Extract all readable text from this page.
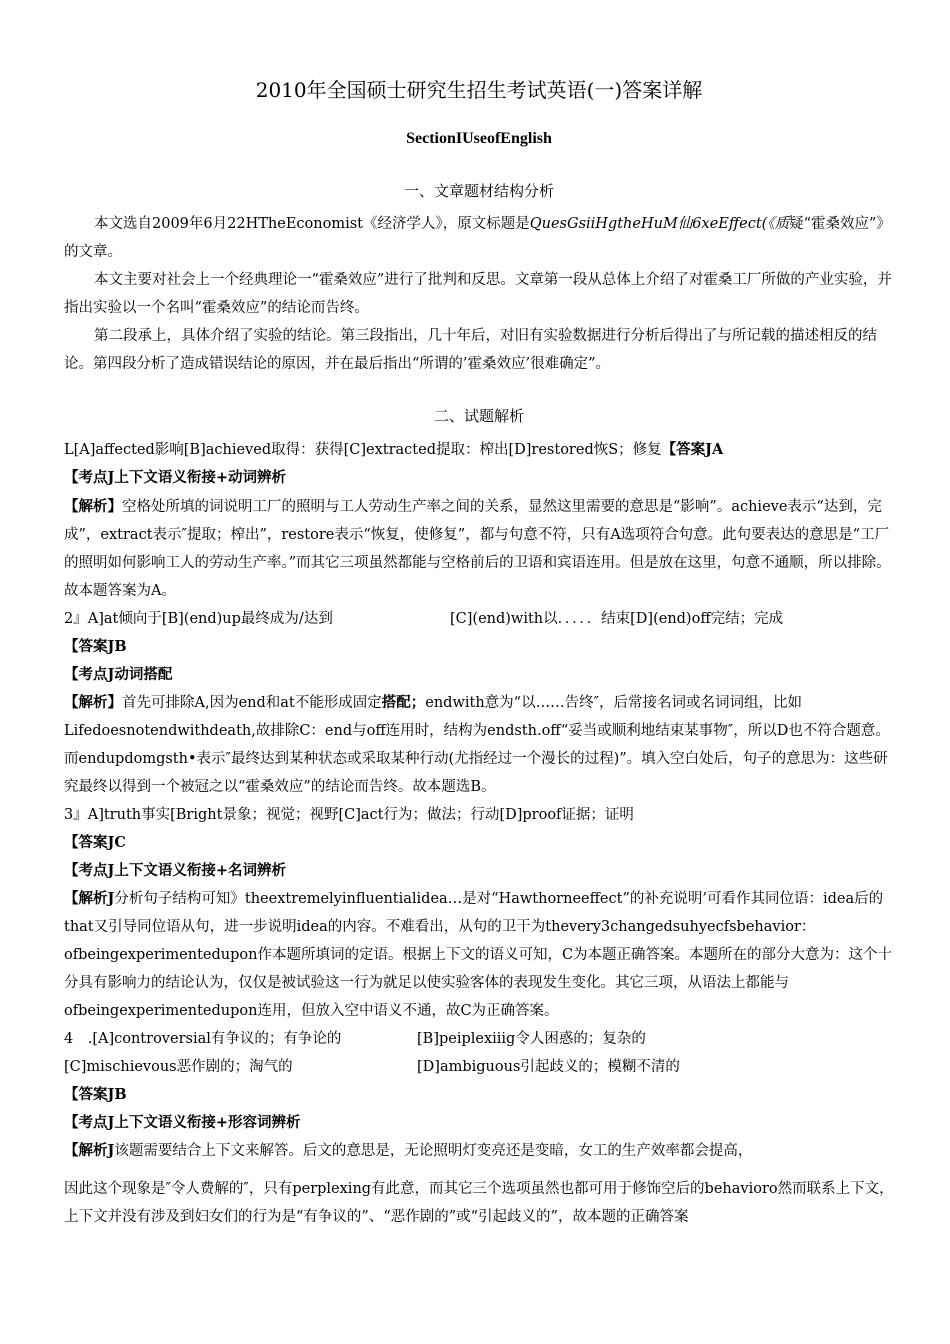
2010年全国硕士研究生招生考试英语(一)答案详解
SectionIUseofEnglish
一、文章题材结构分析
本文选自2009年6月22HTheEconomist《经济学人》，原文标题是QuesGsiiHgtheHuM仙6xeEffect(《质疑“霍桑效应”》的文章。
本文主要对社会上一个经典理论一“霍桑效应”进行了批判和反思。文章第一段从总体上介绍了对霍桑工厂所做的产业实验，并指出实验以一个名叫“霍桑效应”的结论而告终。
第二段承上，具体介绍了实验的结论。第三段指出，几十年后，对旧有实验数据进行分析后得出了与所记载的描述相反的结论。第四段分析了造成错误结论的原因，并在最后指出“所谓的’霍桑效应’很难确定”。
二、试题解析
L[A]affected影响[B]achieved取得：获得[C]extracted提取：榨出[D]restored恢S；修复【答案JA
【考点J上下文语义衔接+动词辨析
【解析】空格处所填的词说明工厂的照明与工人劳动生产率之间的关系，显然这里需要的意思是“影响”。achieve表示“达到，完成”，extract表示″提取；榨出”，restore表示“恢复，使修复”，都与句意不符，只有A选项符合句意。此句要表达的意思是“工厂的照明如何影响工人的劳动生产率。”而其它三项虽然都能与空格前后的卫语和宾语连用。但是放在这里，句意不通顺，所以排除。故本题答案为A。
2』A]at倾向于[B](end)up最终成为/达到	[C](end)with以．．．．．结束[D](end)off完结；完成
【答案JB
【考点J动词搭配
【解析】首先可排除A,因为end和at不能形成固定搭配；endwith意为“以……告终″，后常接名词或名词词组，比如Lifedoesnotendwithdeath,故排除C：end与off连用时，结构为endsth.off“妥当或顺利地结束某事物″，所以D也不符合题意。而endupdomgsth•表示″最终达到某种状态或采取某种行动(尤指经过一个漫长的过程)”。填入空白处后，句子的意思为：这些研究最终以得到一个被冠之以“霍桑效应”的结论而告终。故本题选B。
3』A]truth事实[Bright景象；视觉；视野[C]act行为；做法；行动[D]proof证据；证明
【答案JC
【考点J上下文语义衔接+名词辨析
【解析J分析句子结构可知》theextremelyinfluentialidea…是对“Hawthorneeffect”的补充说明’可看作其同位语：idea后的that又引导同位语从句，进一步说明idea的内容。不难看出，从句的卫干为thevery3changedsuhyecfsbehavior：ofbeingexperimentedupon作本题所填词的定语。根据上下文的语义可知，C为本题正确答案。本题所在的部分大意为：这个十分具有影响力的结论认为，仅仅是被试验这一行为就足以使实验客体的表现发生变化。其它三项，从语法上都能与ofbeingexperimentedupon连用，但放入空中语义不通，故C为正确答案。
4　.[A]controversial有争议的；有争论的	[B]peiplexiiig令人困惑的；复杂的
[C]mischievous恶作剧的；淘气的	[D]ambiguous引起歧义的；模糊不清的
【答案JB
【考点J上下文语义衔接+形容词辨析
【解析J该题需要结合上下文来解答。后文的意思是，无论照明灯变亮还是变暗，女工的生产效率都会提高，
因此这个现象是″令人费解的″，只有perplexing有此意，而其它三个选项虽然也都可用于修饰空后的behavioro然而联系上下文，上下文并没有涉及到妇女们的行为是“有争议的”、“恶作剧的”或“引起歧义的”，故本题的正确答案
